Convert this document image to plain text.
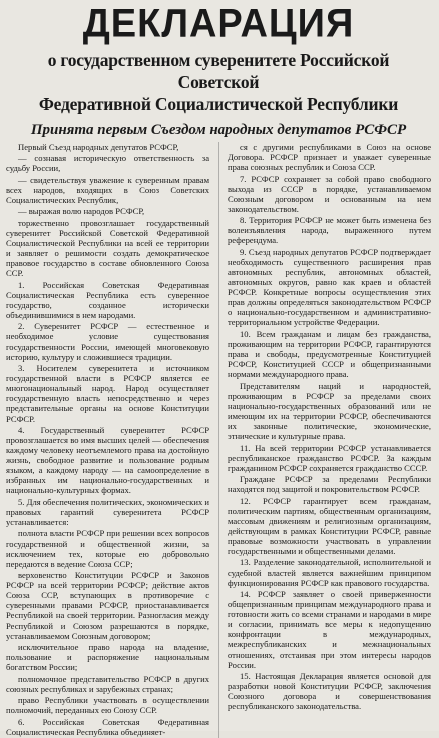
ДЕКЛАРАЦИЯ
о государственном суверенитете Российской Советской
Федеративной Социалистической Республики
Принята первым Съездом народных депутатов РСФСР

Первый Съезд народных депутатов РСФСР,

— сознавая историческую ответственность за судьбу России,

— свидетельствуя уважение к суверенным правам всех народов, входящих в Союз Советских Социалистических Республик,

— выражая волю народов РСФСР,

торжественно провозглашает государственный суверенитет Российской Советской Федеративной Социалистической Республики на всей ее территории и заявляет о решимости создать демократическое правовое государство в составе обновленного Союза ССР.

1. Российская Советская Федеративная Социалистическая Республика есть суверенное государство, созданное исторически объединившимися в нем народами.

2. Суверенитет РСФСР — естественное и необходимое условие существования государственности России, имеющей многовековую историю, культуру и сложившиеся традиции.

3. Носителем суверенитета и источником государственной власти в РСФСР является ее многонациональный народ. Народ осуществляет государственную власть непосредственно и через представительные органы на основе Конституции РСФСР.

4. Государственный суверенитет РСФСР провозглашается во имя высших целей — обеспечения каждому человеку неотъемлемого права на достойную жизнь, свободное развитие и пользование родным языком, а каждому народу — на самоопределение в избранных им национально-государственных и национально-культурных формах.

5. Для обеспечения политических, экономических и правовых гарантий суверенитета РСФСР устанавливается:

полнота власти РСФСР при решении всех вопросов государственной и общественной жизни, за исключением тех, которые ею добровольно передаются в ведение Союза ССР;

верховенство Конституции РСФСР и Законов РСФСР на всей территории РСФСР; действие актов Союза ССР, вступающих в противоречие с суверенными правами РСФСР, приостанавливается Республикой на своей территории. Разногласия между Республикой и Союзом разрешаются в порядке, устанавливаемом Союзным договором;

исключительное право народа на владение, пользование и распоряжение национальным богатством России;

полномочное представительство РСФСР в других союзных республиках и зарубежных странах;

право Республики участвовать в осуществлении полномочий, переданных ею Союзу ССР.

6. Российская Советская Федеративная Социалистическая Республика объединяет-

ся с другими республиками в Союз на основе Договора. РСФСР признает и уважает суверенные права союзных республик и Союза ССР.

7. РСФСР сохраняет за собой право свободного выхода из СССР в порядке, устанавливаемом Союзным договором и основанным на нем законодательством.

8. Территория РСФСР не может быть изменена без волеизъявления народа, выраженного путем референдума.

9. Съезд народных депутатов РСФСР подтверждает необходимость существенного расширения прав автономных республик, автономных областей, автономных округов, равно как краев и областей РСФСР. Конкретные вопросы осуществления этих прав должны определяться законодательством РСФСР о национально-государственном и административно-территориальном устройстве Федерации.

10. Всем гражданам и лицам без гражданства, проживающим на территории РСФСР, гарантируются права и свободы, предусмотренные Конституцией РСФСР, Конституцией СССР и общепризнанными нормами международного права.

Представителям наций и народностей, проживающим в РСФСР за пределами своих национально-государственных образований или не имеющим их на территории РСФСР, обеспечиваются их законные политические, экономические, этнические и культурные права.

11. На всей территории РСФСР устанавливается республиканское гражданство РСФСР. За каждым гражданином РСФСР сохраняется гражданство СССР.

Граждане РСФСР за пределами Республики находятся под защитой и покровительством РСФСР.

12. РСФСР гарантирует всем гражданам, политическим партиям, общественным организациям, массовым движениям и религиозным организациям, действующим в рамках Конституции РСФСР, равные правовые возможности участвовать в управлении государственными и общественными делами.

13. Разделение законодательной, исполнительной и судебной властей является важнейшим принципом функционирования РСФСР как правового государства.

14. РСФСР заявляет о своей приверженности общепризнанным принципам международного права и готовности жить со всеми странами и народами в мире и согласии, принимать все меры к недопущению конфронтации в международных, межреспубликанских и межнациональных отношениях, отстаивая при этом интересы народов России.

15. Настоящая Декларация является основой для разработки новой Конституции РСФСР, заключения Союзного договора и совершенствования республиканского законодательства.
